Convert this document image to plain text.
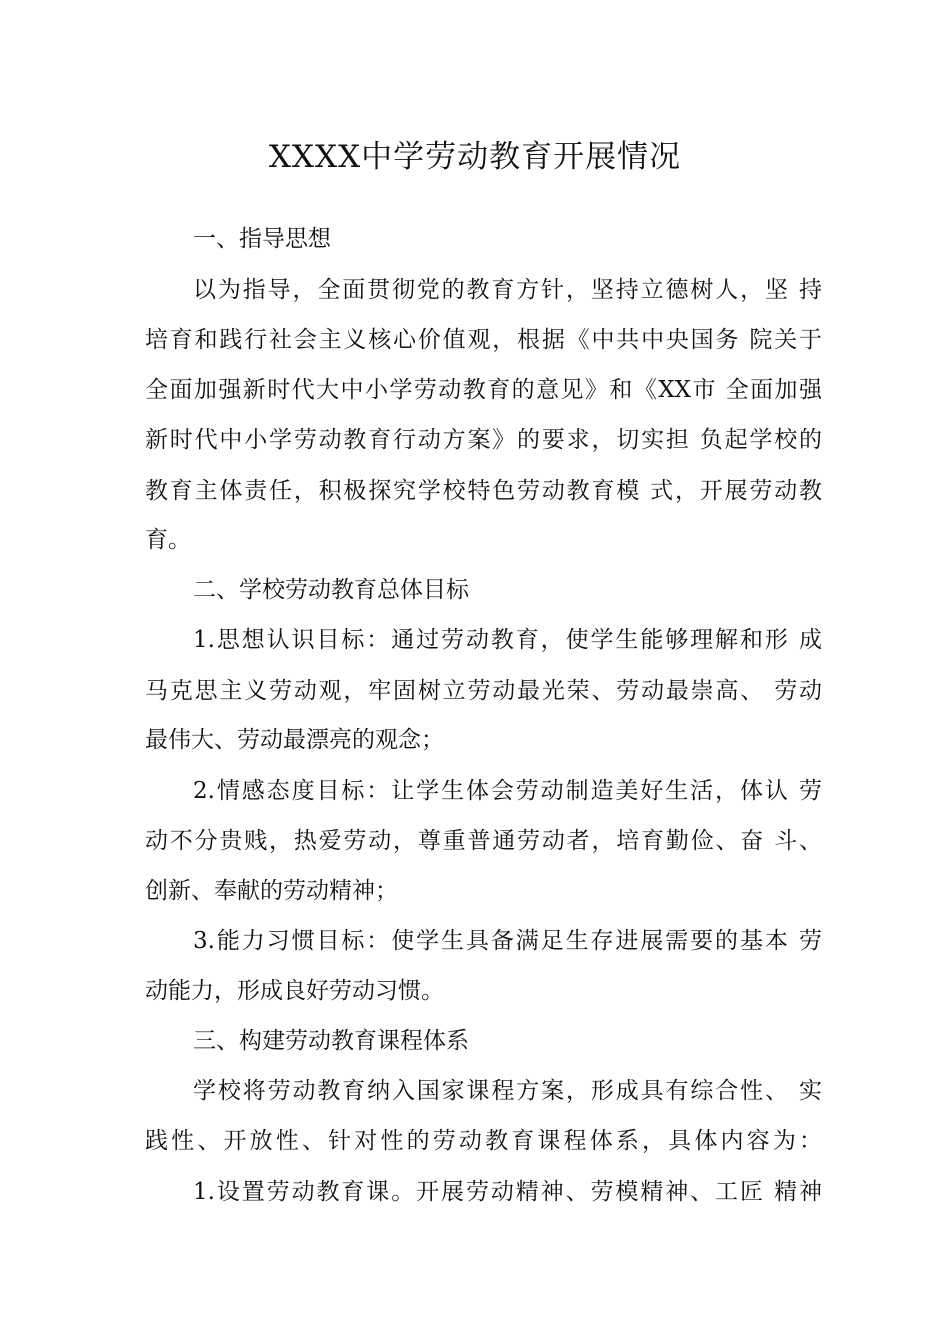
XXXX中学劳动教育开展情况
一、指导思想
以为指导，全面贯彻党的教育方针，坚持立德树人，坚 持
培育和践行社会主义核心价值观，根据《中共中央国务 院关于
全面加强新时代大中小学劳动教育的意见》和《XX市 全面加强
新时代中小学劳动教育行动方案》的要求，切实担 负起学校的
教育主体责任，积极探究学校特色劳动教育模 式，开展劳动教
育。
二、学校劳动教育总体目标
1.思想认识目标：通过劳动教育，使学生能够理解和形 成
马克思主义劳动观，牢固树立劳动最光荣、劳动最崇高、 劳动
最伟大、劳动最漂亮的观念；
2.情感态度目标：让学生体会劳动制造美好生活，体认 劳
动不分贵贱，热爱劳动，尊重普通劳动者，培育勤俭、奋 斗、
创新、奉献的劳动精神；
3.能力习惯目标：使学生具备满足生存进展需要的基本 劳
动能力，形成良好劳动习惯。
三、构建劳动教育课程体系
学校将劳动教育纳入国家课程方案，形成具有综合性、 实
践性、开放性、针对性的劳动教育课程体系，具体内容为：
1.设置劳动教育课。开展劳动精神、劳模精神、工匠 精神
